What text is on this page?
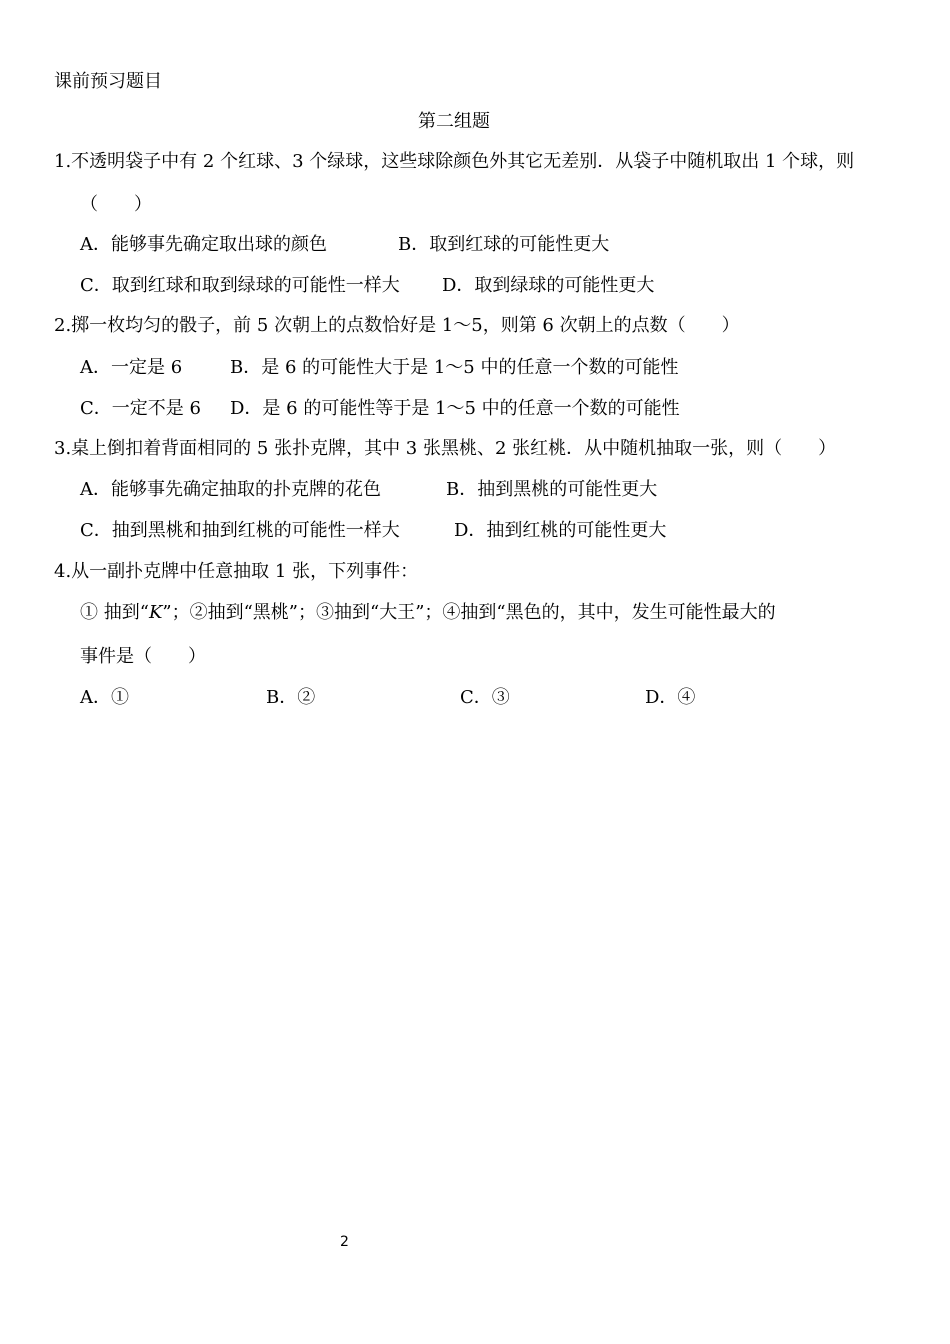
课前预习题目
第二组题
1.不透明袋子中有 2 个红球、3 个绿球，这些球除颜色外其它无差别．从袋子中随机取出 1 个球，则
（　　）
A．能够事先确定取出球的颜色	B．取到红球的可能性更大
C．取到红球和取到绿球的可能性一样大 D．取到绿球的可能性更大
2.掷一枚均匀的骰子，前 5 次朝上的点数恰好是 1～5，则第 6 次朝上的点数（　　）
A．一定是 6	B．是 6 的可能性大于是 1～5 中的任意一个数的可能性
C．一定不是 6 D．是 6 的可能性等于是 1～5 中的任意一个数的可能性
3.桌上倒扣着背面相同的 5 张扑克牌，其中 3 张黑桃、2 张红桃．从中随机抽取一张，则（　　）
A．能够事先确定抽取的扑克牌的花色	B．抽到黑桃的可能性更大
C．抽到黑桃和抽到红桃的可能性一样大	D．抽到红桃的可能性更大
4.从一副扑克牌中任意抽取 1 张，下列事件：
① 抽到“K”；②抽到“黑桃”；③抽到“大王”；④抽到“黑色的，其中，发生可能性最大的
事件是（　　）
A．①	B．②	C．③	D．④
2
